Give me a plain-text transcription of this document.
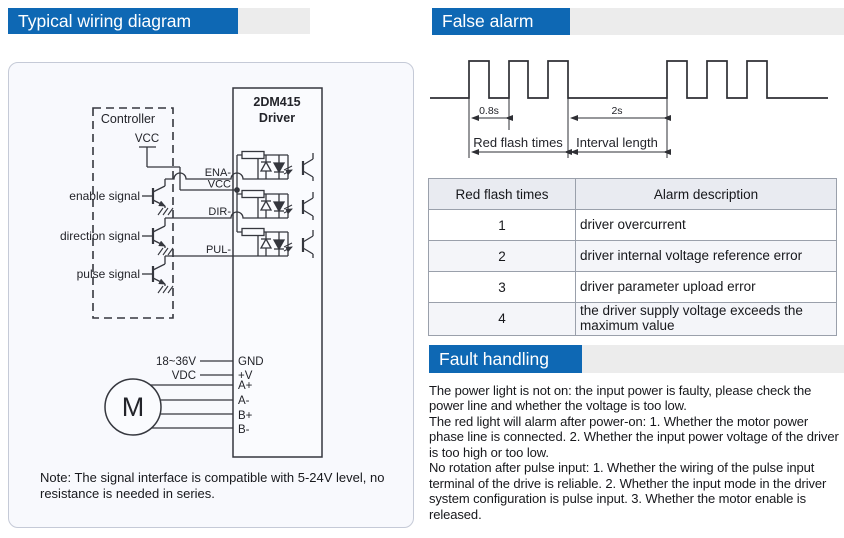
Typical wiring diagram
Controller
VCC
2DM415
Driver
ENA-
VCC
DIR-
PUL-
enable signal
direction signal
pulse signal
18~36V
VDC
GND
+V
A+
A-
B+
B-
M
Note: The signal interface is compatible with 5-24V level, no resistance is needed in series.
False alarm
0.8s	2s
Red flash times Interval length
Red flash times	Alarm description
1	driver overcurrent
2	driver internal voltage reference error
3	driver parameter upload error
4	the driver supply voltage exceeds the maximum value
Fault handling
The power light is not on: the input power is faulty, please check the power line and whether the voltage is too low.
The red light will alarm after power-on: 1. Whether the motor power phase line is connected. 2. Whether the input power voltage of the driver is too high or too low.
No rotation after pulse input: 1. Whether the wiring of the pulse input terminal of the drive is reliable. 2. Whether the input mode in the driver system configuration is pulse input. 3. Whether the motor enable is released.
